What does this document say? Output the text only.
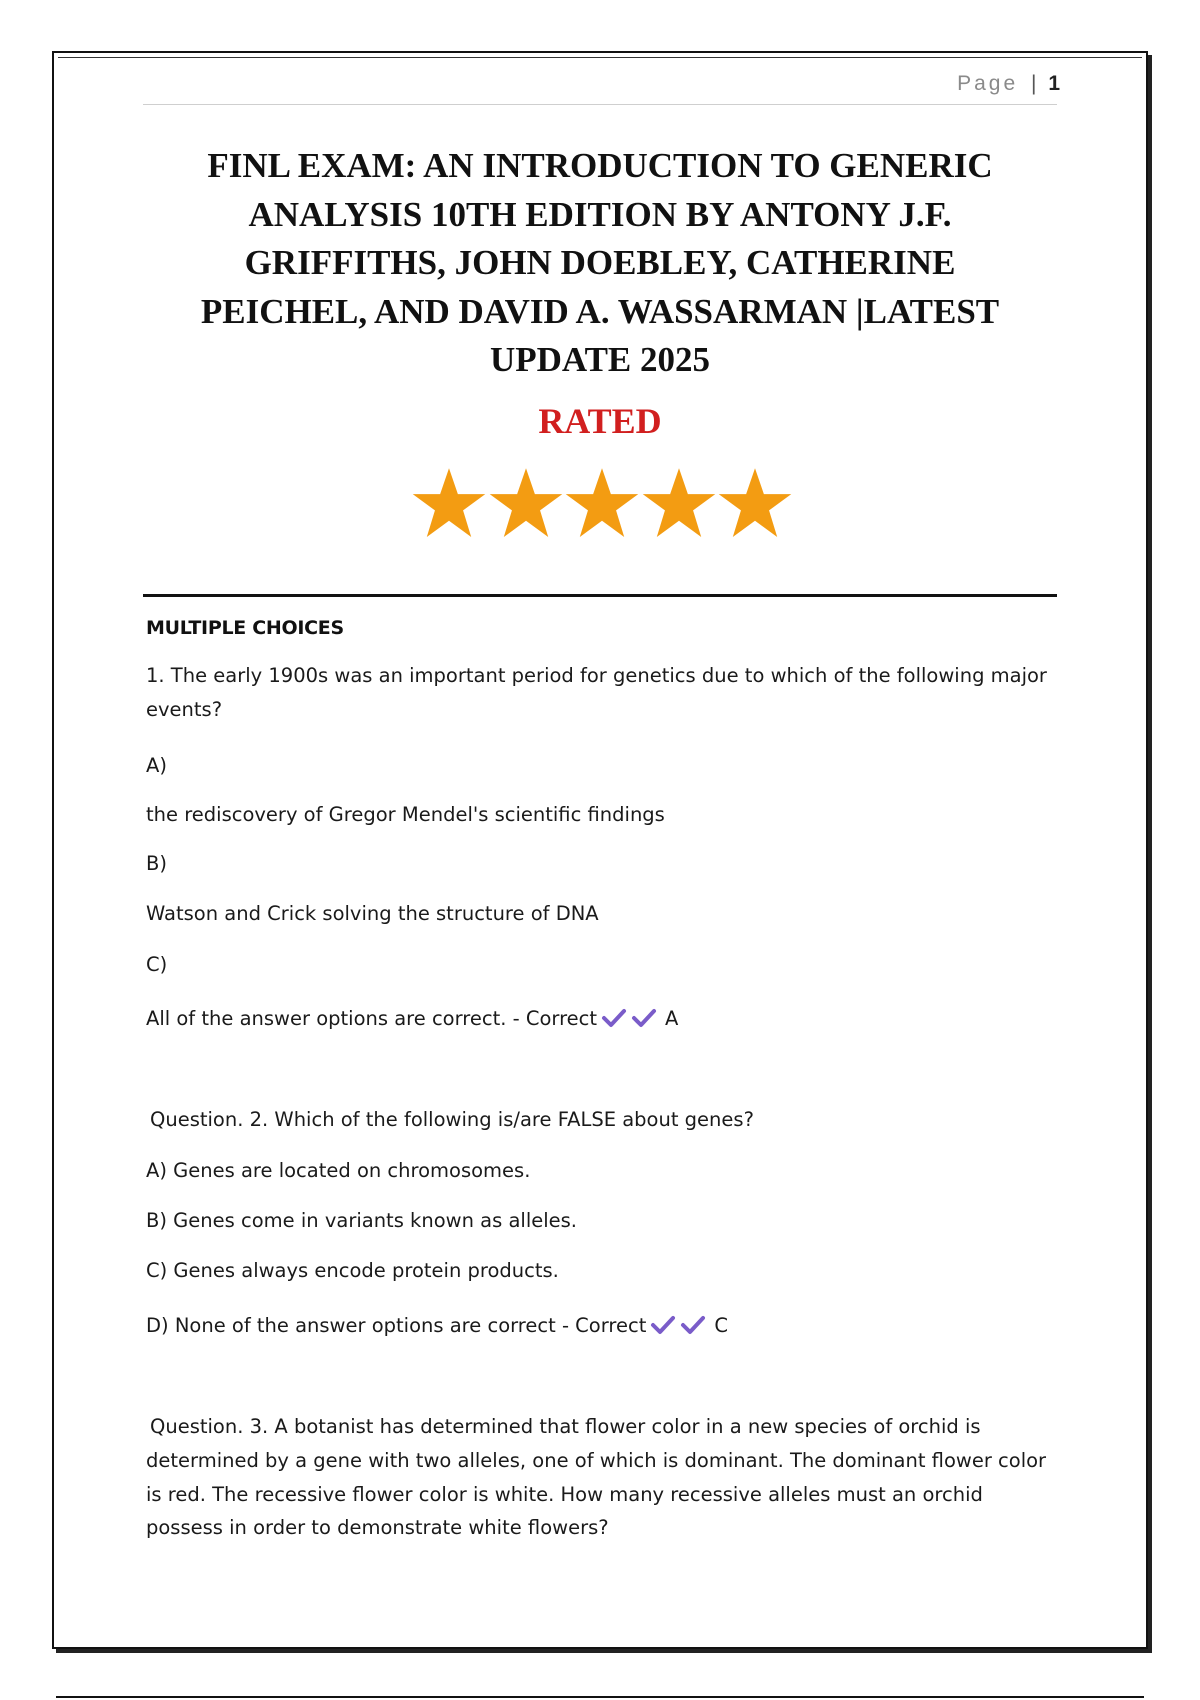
Page | 1
FINL EXAM: AN INTRODUCTION TO GENERIC
ANALYSIS 10TH EDITION BY ANTONY J.F.
GRIFFITHS, JOHN DOEBLEY, CATHERINE
PEICHEL, AND DAVID A. WASSARMAN |LATEST
UPDATE 2025
RATED
MULTIPLE CHOICES
1. The early 1900s was an important period for genetics due to which of the following major
events?
A)
the rediscovery of Gregor Mendel's scientific findings
B)
Watson and Crick solving the structure of DNA
C)
All of the answer options are correct. - Correct	A
Question. 2. Which of the following is/are FALSE about genes?
A) Genes are located on chromosomes.
B) Genes come in variants known as alleles.
C) Genes always encode protein products.
D) None of the answer options are correct - Correct	C
Question. 3. A botanist has determined that flower color in a new species of orchid is
determined by a gene with two alleles, one of which is dominant. The dominant flower color
is red. The recessive flower color is white. How many recessive alleles must an orchid
possess in order to demonstrate white flowers?
